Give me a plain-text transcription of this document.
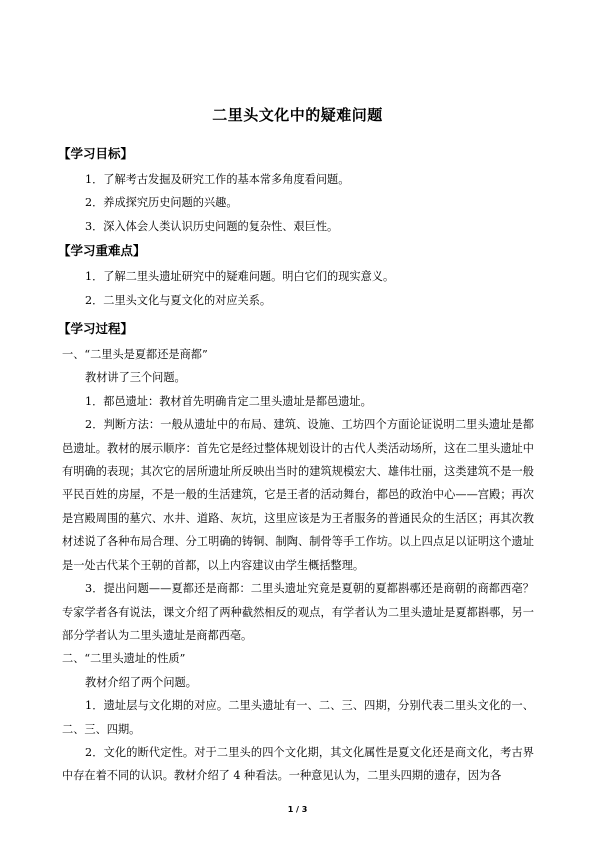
二里头文化中的疑难问题
【学习目标】

1．了解考古发掘及研究工作的基本常多角度看问题。

2．养成探究历史问题的兴趣。

3．深入体会人类认识历史问题的复杂性、艰巨性。

【学习重难点】

1．了解二里头遗址研究中的疑难问题。明白它们的现实意义。

2．二里头文化与夏文化的对应关系。

【学习过程】

一、“二里头是夏都还是商都”

教材讲了三个问题。

1．都邑遗址：教材首先明确肯定二里头遗址是都邑遗址。

2．判断方法：一般从遗址中的布局、建筑、设施、工坊四个方面论证说明二里头遗址是都邑遗址。教材的展示顺序：首先它是经过整体规划设计的古代人类活动场所，这在二里头遗址中有明确的表现；其次它的居所遗址所反映出当时的建筑规模宏大、雄伟壮丽，这类建筑不是一般平民百姓的房屋，不是一般的生活建筑，它是王者的活动舞台，都邑的政治中心——宫殿；再次是宫殿周围的墓穴、水井、道路、灰坑，这里应该是为王者服务的普通民众的生活区；再其次教材述说了各种布局合理、分工明确的铸铜、制陶、制骨等手工作坊。以上四点足以证明这个遗址是一处古代某个王朝的首都，以上内容建议由学生概括整理。

3．提出问题——夏都还是商都：二里头遗址究竟是夏朝的夏都斟鄩还是商朝的商都西亳？专家学者各有说法，课文介绍了两种截然相反的观点，有学者认为二里头遗址是夏都斟鄩，另一部分学者认为二里头遗址是商都西亳。

二、“二里头遗址的性质”

教材介绍了两个问题。

1．遗址层与文化期的对应。二里头遗址有一、二、三、四期，分别代表二里头文化的一、二、三、四期。

2．文化的断代定性。对于二里头的四个文化期，其文化属性是夏文化还是商文化，考古界中存在着不同的认识。教材介绍了 4 种看法。一种意见认为，二里头四期的遗存，因为各

1 / 3
